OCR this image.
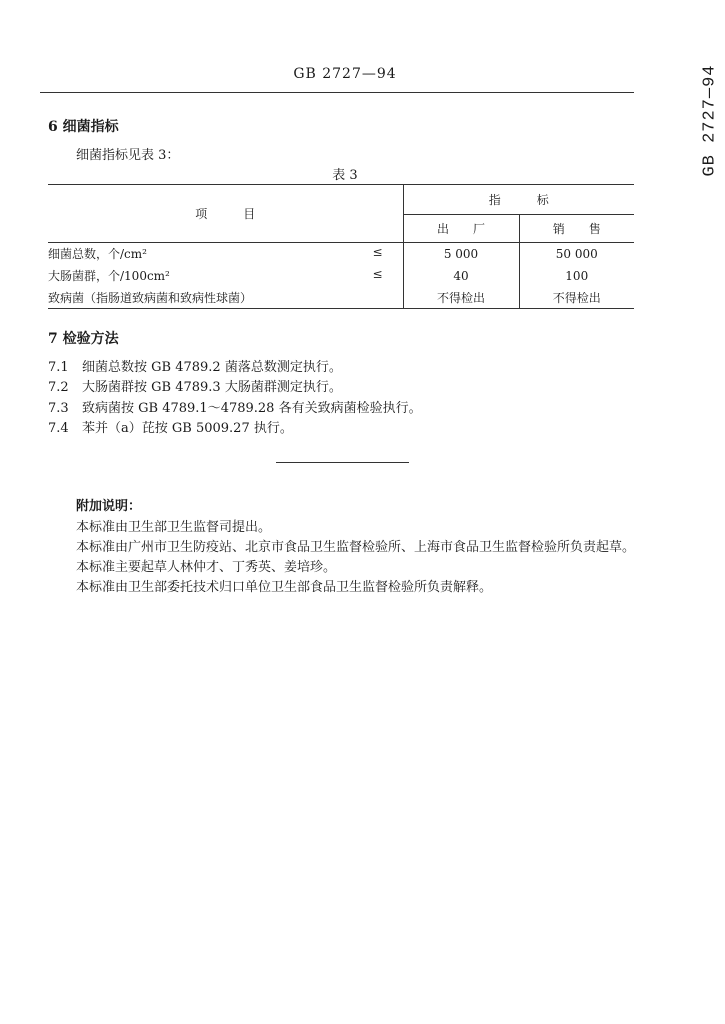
GB 2727—94	GB 2727—94
6 细菌指标
细菌指标见表 3：
表 3
项　　　目	指　　　标	
	出　　厂	销　　售
细菌总数，个/cm² ≤	5 000	50 000
大肠菌群，个/100cm² ≤	40	100
致病菌（指肠道致病菌和致病性球菌）	不得检出	不得检出
7 检验方法
7.1 细菌总数按 GB 4789.2 菌落总数测定执行。
7.2 大肠菌群按 GB 4789.3 大肠菌群测定执行。
7.3 致病菌按 GB 4789.1～4789.28 各有关致病菌检验执行。
7.4 苯并（a）芘按 GB 5009.27 执行。
附加说明：
本标准由卫生部卫生监督司提出。
本标准由广州市卫生防疫站、北京市食品卫生监督检验所、上海市食品卫生监督检验所负责起草。
本标准主要起草人林仲才、丁秀英、姜培珍。
本标准由卫生部委托技术归口单位卫生部食品卫生监督检验所负责解释。
